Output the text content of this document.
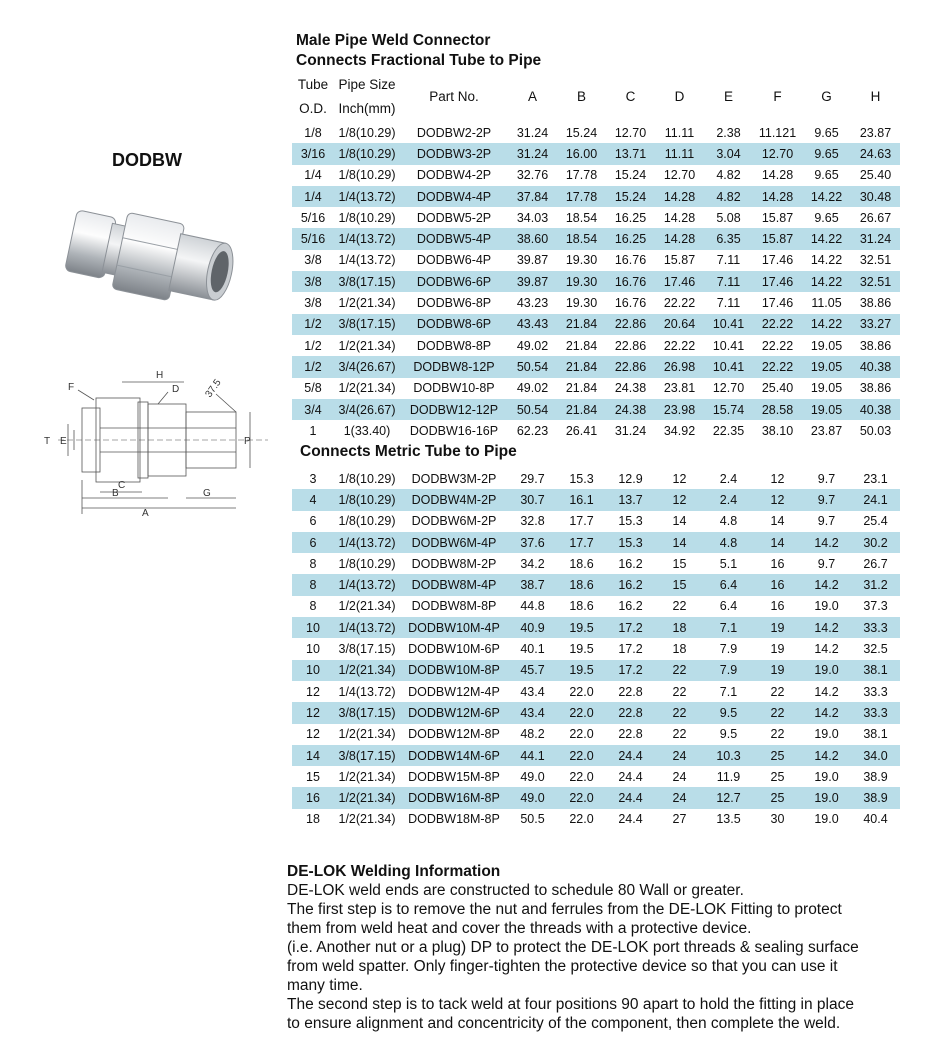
DODBW
H
F	D 37.5
T E	P
C
B	G
A
Male Pipe Weld Connector
Connects Fractional Tube to Pipe
Tube	Pipe Size	Part No.	A	B	C	D	E	F	G	H
O.D.	Inch(mm)									
1/8	1/8(10.29)	DODBW2-2P	31.24	15.24	12.70	11.11	2.38	11.121	9.65	23.87
3/16	1/8(10.29)	DODBW3-2P	31.24	16.00	13.71	11.11	3.04	12.70	9.65	24.63
1/4	1/8(10.29)	DODBW4-2P	32.76	17.78	15.24	12.70	4.82	14.28	9.65	25.40
1/4	1/4(13.72)	DODBW4-4P	37.84	17.78	15.24	14.28	4.82	14.28	14.22	30.48
5/16	1/8(10.29)	DODBW5-2P	34.03	18.54	16.25	14.28	5.08	15.87	9.65	26.67
5/16	1/4(13.72)	DODBW5-4P	38.60	18.54	16.25	14.28	6.35	15.87	14.22	31.24
3/8	1/4(13.72)	DODBW6-4P	39.87	19.30	16.76	15.87	7.11	17.46	14.22	32.51
3/8	3/8(17.15)	DODBW6-6P	39.87	19.30	16.76	17.46	7.11	17.46	14.22	32.51
3/8	1/2(21.34)	DODBW6-8P	43.23	19.30	16.76	22.22	7.11	17.46	11.05	38.86
1/2	3/8(17.15)	DODBW8-6P	43.43	21.84	22.86	20.64	10.41	22.22	14.22	33.27
1/2	1/2(21.34)	DODBW8-8P	49.02	21.84	22.86	22.22	10.41	22.22	19.05	38.86
1/2	3/4(26.67)	DODBW8-12P	50.54	21.84	22.86	26.98	10.41	22.22	19.05	40.38
5/8	1/2(21.34)	DODBW10-8P	49.02	21.84	24.38	23.81	12.70	25.40	19.05	38.86
3/4	3/4(26.67)	DODBW12-12P	50.54	21.84	24.38	23.98	15.74	28.58	19.05	40.38
1	1(33.40)	DODBW16-16P	62.23	26.41	31.24	34.92	22.35	38.10	23.87	50.03
Connects Metric Tube to Pipe
3	1/8(10.29)	DODBW3M-2P	29.7	15.3	12.9	12	2.4	12	9.7	23.1
4	1/8(10.29)	DODBW4M-2P	30.7	16.1	13.7	12	2.4	12	9.7	24.1
6	1/8(10.29)	DODBW6M-2P	32.8	17.7	15.3	14	4.8	14	9.7	25.4
6	1/4(13.72)	DODBW6M-4P	37.6	17.7	15.3	14	4.8	14	14.2	30.2
8	1/8(10.29)	DODBW8M-2P	34.2	18.6	16.2	15	5.1	16	9.7	26.7
8	1/4(13.72)	DODBW8M-4P	38.7	18.6	16.2	15	6.4	16	14.2	31.2
8	1/2(21.34)	DODBW8M-8P	44.8	18.6	16.2	22	6.4	16	19.0	37.3
10	1/4(13.72)	DODBW10M-4P	40.9	19.5	17.2	18	7.1	19	14.2	33.3
10	3/8(17.15)	DODBW10M-6P	40.1	19.5	17.2	18	7.9	19	14.2	32.5
10	1/2(21.34)	DODBW10M-8P	45.7	19.5	17.2	22	7.9	19	19.0	38.1
12	1/4(13.72)	DODBW12M-4P	43.4	22.0	22.8	22	7.1	22	14.2	33.3
12	3/8(17.15)	DODBW12M-6P	43.4	22.0	22.8	22	9.5	22	14.2	33.3
12	1/2(21.34)	DODBW12M-8P	48.2	22.0	22.8	22	9.5	22	19.0	38.1
14	3/8(17.15)	DODBW14M-6P	44.1	22.0	24.4	24	10.3	25	14.2	34.0
15	1/2(21.34)	DODBW15M-8P	49.0	22.0	24.4	24	11.9	25	19.0	38.9
16	1/2(21.34)	DODBW16M-8P	49.0	22.0	24.4	24	12.7	25	19.0	38.9
18	1/2(21.34)	DODBW18M-8P	50.5	22.0	24.4	27	13.5	30	19.0	40.4
DE-LOK Welding Information

DE-LOK weld ends are constructed to schedule 80 Wall or greater.

The first step is to remove the nut and ferrules from the DE-LOK Fitting to protect

them from weld heat and cover the threads with a protective device.

(i.e. Another nut or a plug) DP to protect the DE-LOK port threads & sealing surface

from weld spatter. Only finger-tighten the protective device so that you can use it

many time.

The second step is to tack weld at four positions 90 apart to hold the fitting in place

to ensure alignment and concentricity of the component, then complete the weld.
